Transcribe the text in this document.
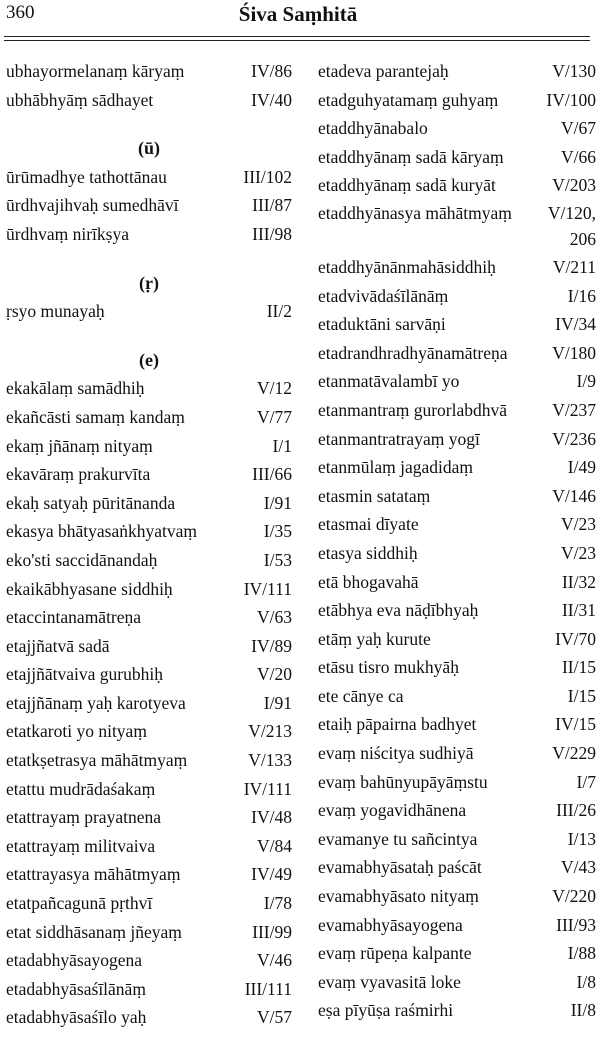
360	Śiva Saṃhitā
ubhayormelanaṃ kāryaṃ	IV/86
ubhābhyāṃ sādhayet	IV/40
(ū)
ūrūmadhye tathottānau	III/102
ūrdhvajihvaḥ sumedhāvī	III/87
ūrdhvaṃ nirīkṣya	III/98
(ṛ)
ṛsyo munayaḥ	II/2
(e)
ekakālaṃ samādhiḥ	V/12
ekañcāsti samaṃ kandaṃ	V/77
ekaṃ jñānaṃ nityaṃ	I/1
ekavāraṃ prakurvīta	III/66
ekaḥ satyaḥ pūritānanda	I/91
ekasya bhātyasaṅkhyatvaṃ	I/35
eko'sti saccidānandaḥ	I/53
ekaikābhyasane siddhiḥ	IV/111
etaccintanamātreṇa	V/63
etajjñatvā sadā	IV/89
etajjñātvaiva gurubhiḥ	V/20
etajjñānaṃ yaḥ karotyeva	I/91
etatkaroti yo nityaṃ	V/213
etatkṣetrasya māhātmyaṃ	V/133
etattu mudrādaśakaṃ	IV/111
etattrayaṃ prayatnena	IV/48
etattrayaṃ militvaiva	V/84
etattrayasya māhātmyaṃ	IV/49
etatpañcagunā pṛthvī	I/78
etat siddhāsanaṃ jñeyaṃ	III/99
etadabhyāsayogena	V/46
etadabhyāsaśīlānāṃ	III/111
etadabhyāsaśīlo yaḥ	V/57
etadeva parantejaḥ	V/130
etadguhyatamaṃ guhyaṃ	IV/100
etaddhyānabalo	V/67
etaddhyānaṃ sadā kāryaṃ	V/66
etaddhyānaṃ sadā kuryāt	V/203
etaddhyānasya māhātmyaṃ V/120, 206
etaddhyānānmahāsiddhiḥ	V/211
etadvivādaśīlānāṃ	I/16
etaduktāni sarvāṇi	IV/34
etadrandhradhyānamātreṇa	V/180
etanmatāvalambī yo	I/9
etanmantraṃ gurorlabdhvā	V/237
etanmantratrayaṃ yogī	V/236
etanmūlaṃ jagadidaṃ	I/49
etasmin satataṃ	V/146
etasmai dīyate	V/23
etasya siddhiḥ	V/23
etā bhogavahā	II/32
etābhya eva nāḍībhyaḥ	II/31
etāṃ yaḥ kurute	IV/70
etāsu tisro mukhyāḥ	II/15
ete cānye ca	I/15
etaiḥ pāpairna badhyet	IV/15
evaṃ niścitya sudhiyā	V/229
evaṃ bahūnyupāyāṃstu	I/7
evaṃ yogavidhānena	III/26
evamanye tu sañcintya	I/13
evamabhyāsataḥ paścāt	V/43
evamabhyāsato nityaṃ	V/220
evamabhyāsayogena	III/93
evaṃ rūpeṇa kalpante	I/88
evaṃ vyavasitā loke	I/8
eṣa pīyūṣa raśmirhi	II/8
